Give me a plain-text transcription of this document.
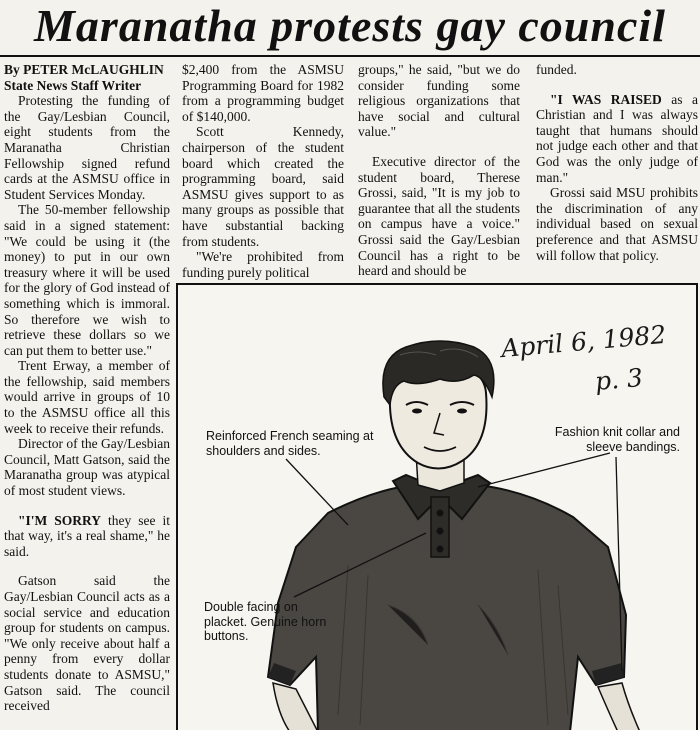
Maranatha protests gay council

By PETER McLAUGHLIN

State News Staff Writer

Protesting the funding of the Gay/Lesbian Council, eight students from the Maranatha Christian Fellowship signed refund cards at the ASMSU office in Student Services Monday.

The 50-member fellowship said in a signed statement: "We could be using it (the money) to put in our own treasury where it will be used for the glory of God instead of something which is immoral. So therefore we wish to retrieve these dollars so we can put them to better use."

Trent Erway, a member of the fellowship, said members would arrive in groups of 10 to the ASMSU office all this week to receive their refunds.

Director of the Gay/Lesbian Council, Matt Gatson, said the Maranatha group was atypical of most student views.

"I'M SORRY they see it that way, it's a real shame," he said.

Gatson said the Gay/Lesbian Council acts as a social service and education group for students on campus. "We only receive about half a penny from every dollar students donate to ASMSU," Gatson said. The council received

$2,400 from the ASMSU Programming Board for 1982 from a programming budget of $140,000.

Scott Kennedy, chairperson of the student board which created the programming board, said ASMSU gives support to as many groups as possible that have substantial backing from students.

"We're prohibited from funding purely political

groups," he said, "but we do consider funding some religious organizations that have social and cultural value."

Executive director of the student board, Therese Grossi, said, "It is my job to guarantee that all the students on campus have a voice." Grossi said the Gay/Lesbian Council has a right to be heard and should be

funded.

"I WAS RAISED as a Christian and I was always taught that humans should not judge each other and that God was the only judge of man."

Grossi said MSU prohibits the discrimination of any individual based on sexual preference and that ASMSU will follow that policy.

Reinforced French seaming at shoulders and sides.
Fashion knit collar and sleeve bandings.
Double facing on placket. Genuine horn buttons.
April 6, 1982
p. 3
